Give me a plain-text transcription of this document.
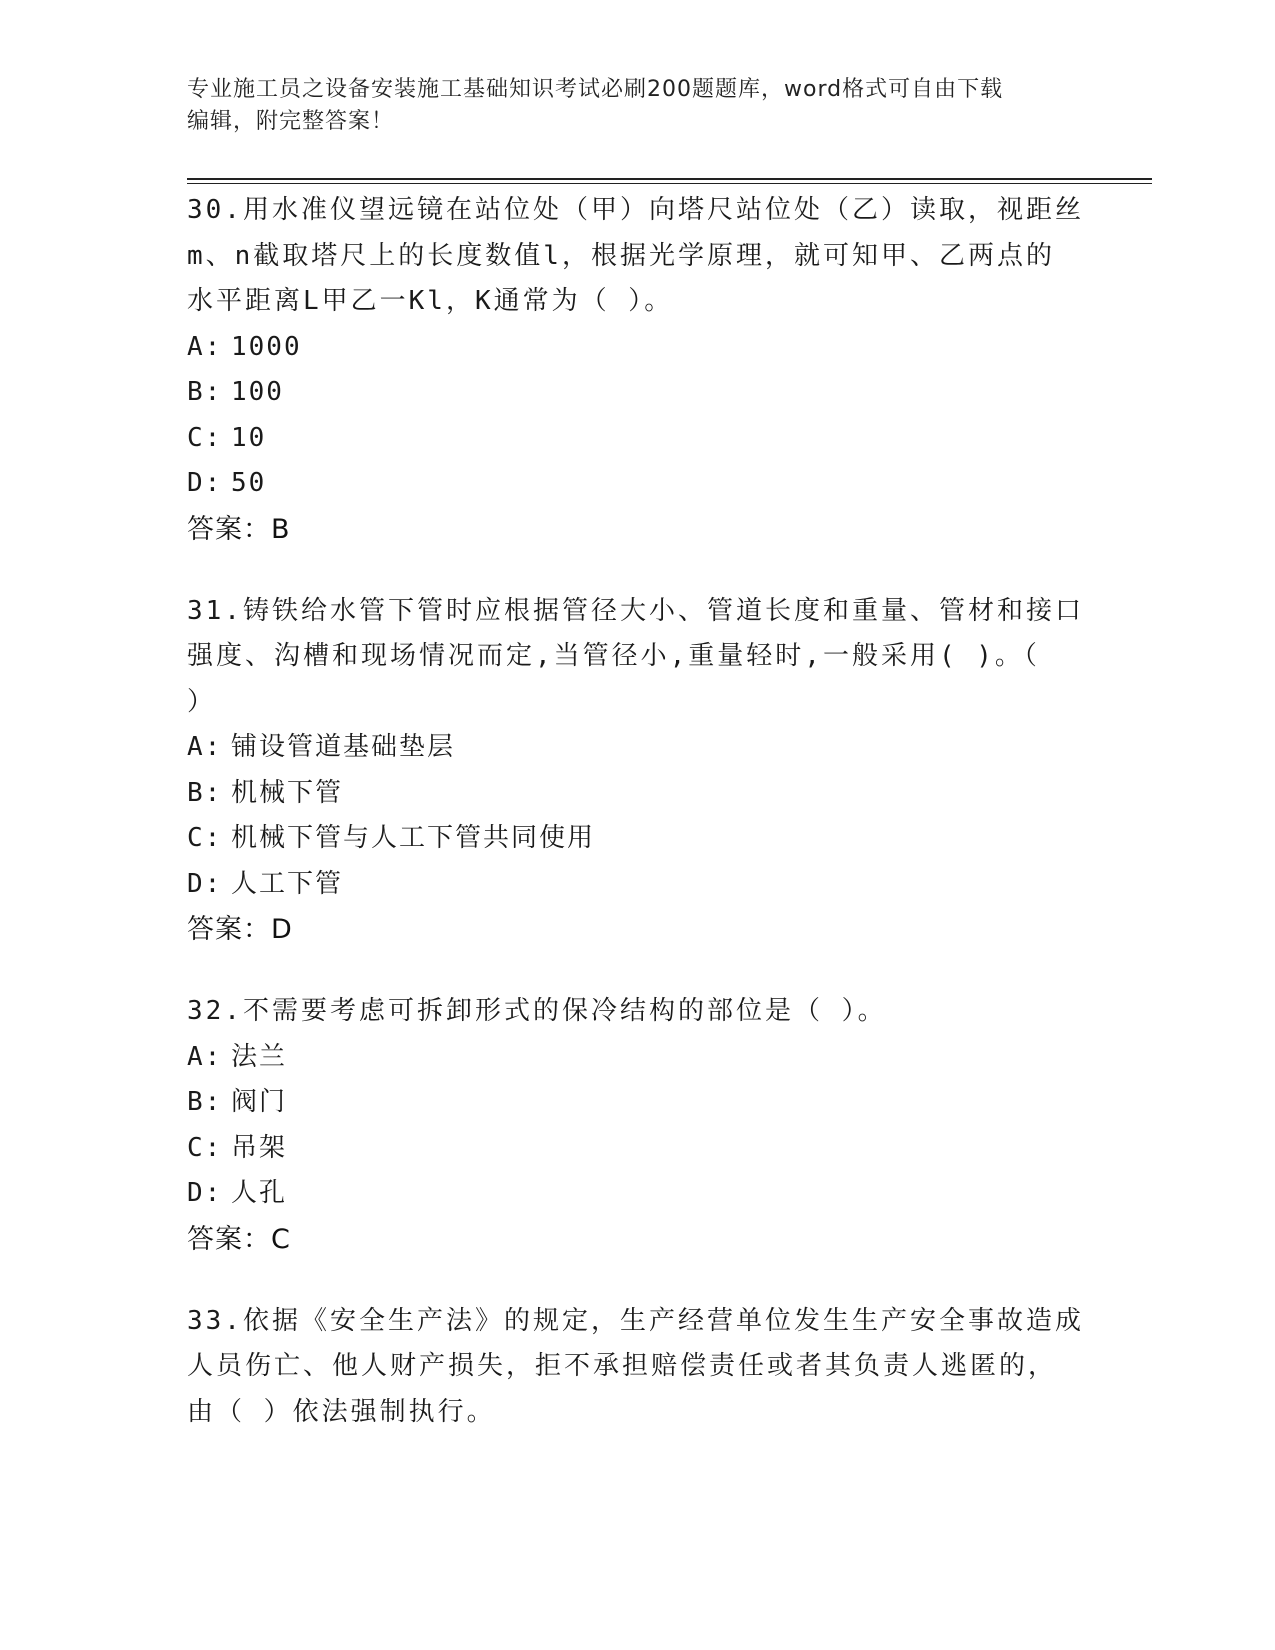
专业施工员之设备安装施工基础知识考试必刷200题题库，word格式可自由下载
编辑，附完整答案！
30.用水准仪望远镜在站位处（甲）向塔尺站位处（乙）读取，视距丝
m、n截取塔尺上的长度数值l，根据光学原理，就可知甲、乙两点的
水平距离L甲乙一Kl，K通常为（ ）。
A: 1000
B: 100
C: 10
D: 50
答案：B
31.铸铁给水管下管时应根据管径大小、管道长度和重量、管材和接口
强度、沟槽和现场情况而定,当管径小,重量轻时,一般采用( )。（
）
A: 铺设管道基础垫层
B: 机械下管
C: 机械下管与人工下管共同使用
D: 人工下管
答案：D
32.不需要考虑可拆卸形式的保冷结构的部位是（ ）。
A: 法兰
B: 阀门
C: 吊架
D: 人孔
答案：C
33.依据《安全生产法》的规定，生产经营单位发生生产安全事故造成
人员伤亡、他人财产损失，拒不承担赔偿责任或者其负责人逃匿的，
由（ ）依法强制执行。
